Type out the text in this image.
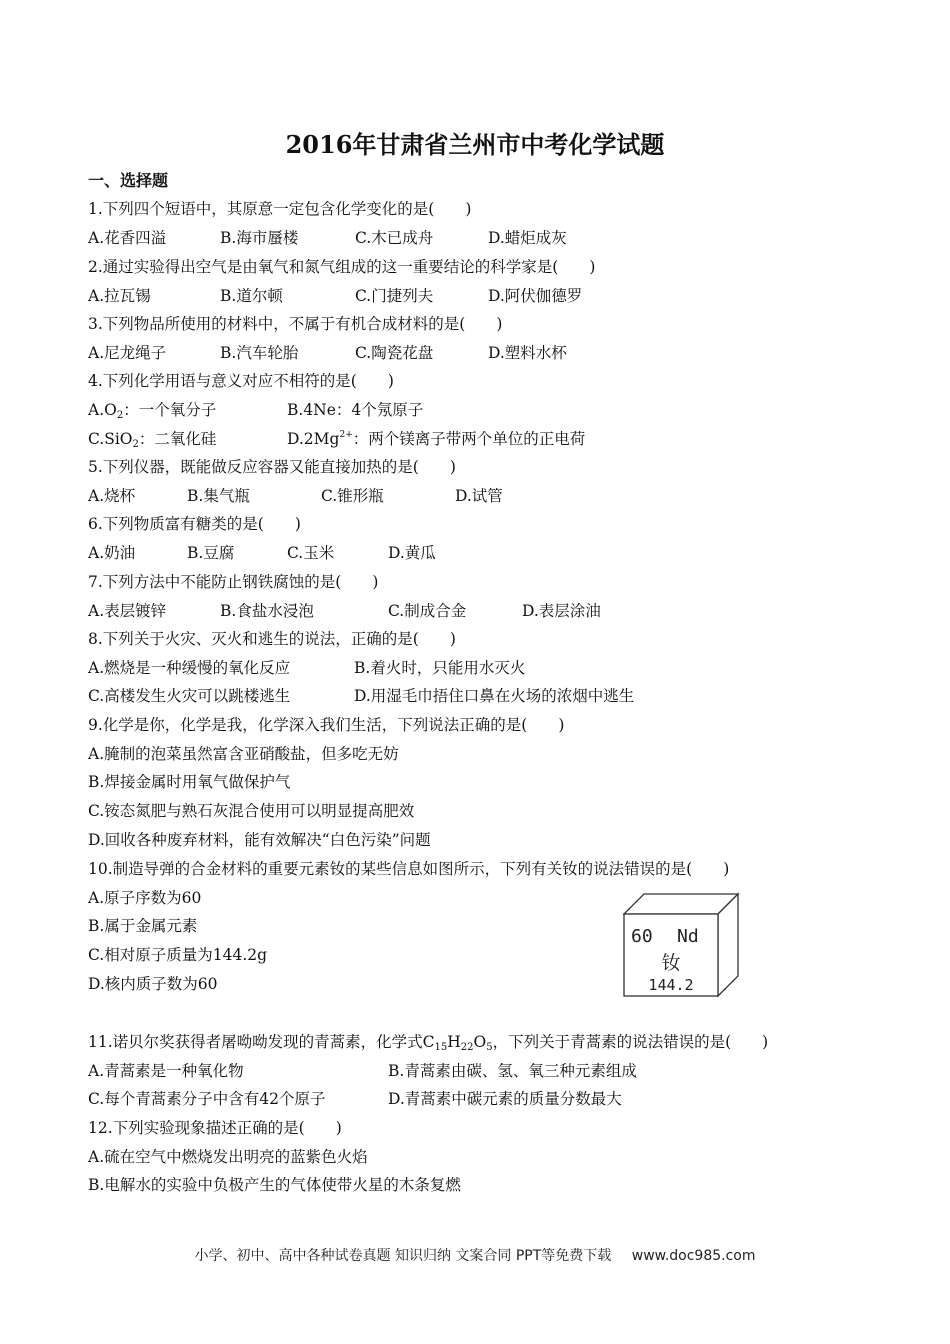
2016年甘肃省兰州市中考化学试题
一、选择题
1.下列四个短语中，其原意一定包含化学变化的是(　　)
A.花香四溢	B.海市蜃楼	C.木已成舟	D.蜡炬成灰
2.通过实验得出空气是由氧气和氮气组成的这一重要结论的科学家是(　　)
A.拉瓦锡	B.道尔顿	C.门捷列夫	D.阿伏伽德罗
3.下列物品所使用的材料中，不属于有机合成材料的是(　　)
A.尼龙绳子	B.汽车轮胎	C.陶瓷花盘	D.塑料水杯
4.下列化学用语与意义对应不相符的是(　　)
$A.O_2$：一个氧分子	B.4Ne：4个氖原子
C.SiO$_2$：二氧化硅	$D.2Mg^{2+}$：两个镁离子带两个单位的正电荷
5.下列仪器，既能做反应容器又能直接加热的是(　　)
A.烧杯	B.集气瓶	C.锥形瓶	D.试管
6.下列物质富有糖类的是(　　)
A.奶油	B.豆腐	C.玉米	D.黄瓜
7.下列方法中不能防止钢铁腐蚀的是(　　)
A.表层镀锌	B.食盐水浸泡	C.制成合金	D.表层涂油
8.下列关于火灾、灭火和逃生的说法，正确的是(　　)
A.燃烧是一种缓慢的氧化反应	B.着火时，只能用水灭火
C.高楼发生火灾可以跳楼逃生	D.用湿毛巾捂住口鼻在火场的浓烟中逃生
9.化学是你，化学是我，化学深入我们生活，下列说法正确的是(　　)
A.腌制的泡菜虽然富含亚硝酸盐，但多吃无妨
B.焊接金属时用氧气做保护气
C.铵态氮肥与熟石灰混合使用可以明显提高肥效
D.回收各种废弃材料，能有效解决“白色污染”问题
10.制造导弹的合金材料的重要元素钕的某些信息如图所示，下列有关钕的说法错误的是(　　)
A.原子序数为60
B.属于金属元素
C.相对原子质量为144.2g
D.核内质子数为60
60 Nd
钕
144.2
11.诺贝尔奖获得者屠呦呦发现的青蒿素，化学式$C_{15}H_{22}O_5$，下列关于青蒿素的说法错误的是(　　)
A.青蒿素是一种氧化物	B.青蒿素由碳、氢、氧三种元素组成
C.每个青蒿素分子中含有42个原子	D.青蒿素中碳元素的质量分数最大
12.下列实验现象描述正确的是(　　)
A.硫在空气中燃烧发出明亮的蓝紫色火焰
B.电解水的实验中负极产生的气体使带火星的木条复燃
小学、初中、高中各种试卷真题 知识归纳 文案合同 PPT等免费下载 www.doc985.com
